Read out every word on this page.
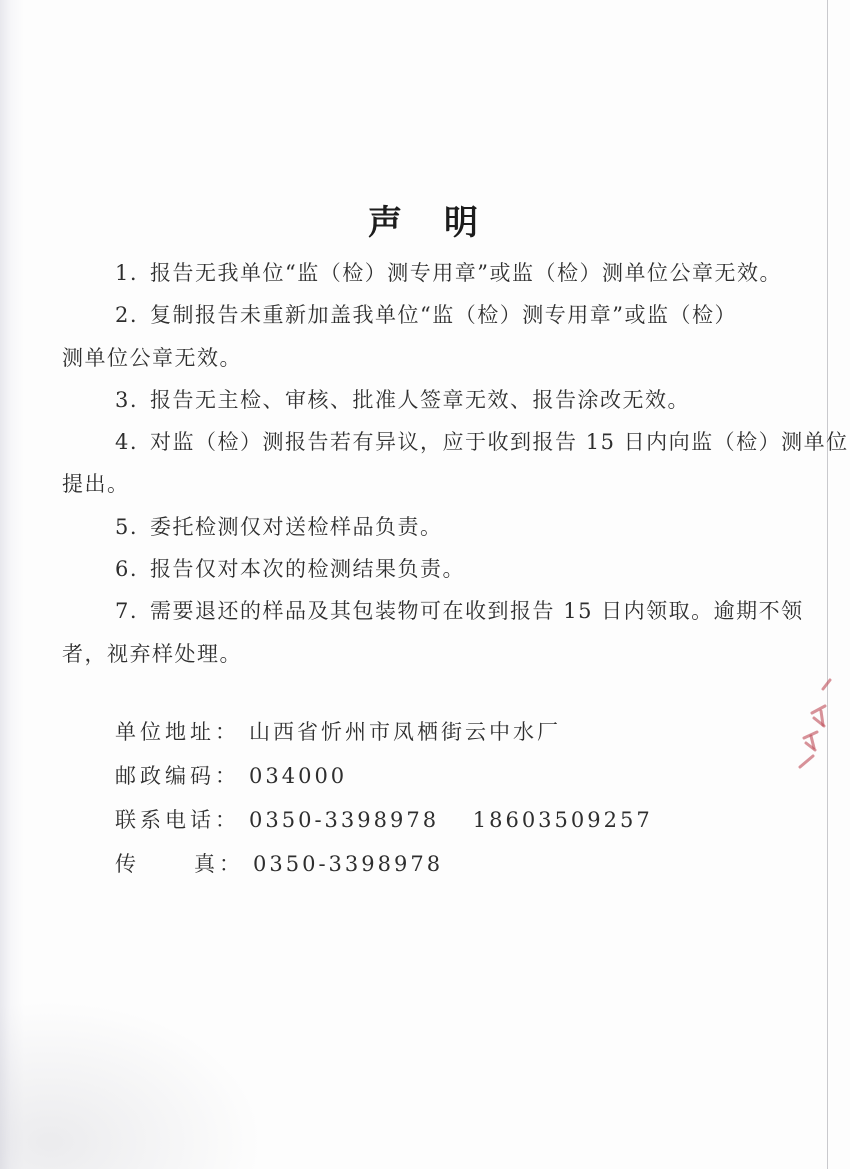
声　明
1. 报告无我单位“监（检）测专用章”或监（检）测单位公章无效。
2. 复制报告未重新加盖我单位“监（检）测专用章”或监（检）
测单位公章无效。
3. 报告无主检、审核、批准人签章无效、报告涂改无效。
4. 对监（检）测报告若有异议，应于收到报告 15 日内向监（检）测单位
提出。
5. 委托检测仅对送检样品负责。
6. 报告仅对本次的检测结果负责。
7. 需要退还的样品及其包装物可在收到报告 15 日内领取。逾期不领
者，视弃样处理。
单位地址： 山西省忻州市凤栖街云中水厂
邮政编码： 034000
联系电话： 0350-3398978　 18603509257
传　  真： 0350-3398978
